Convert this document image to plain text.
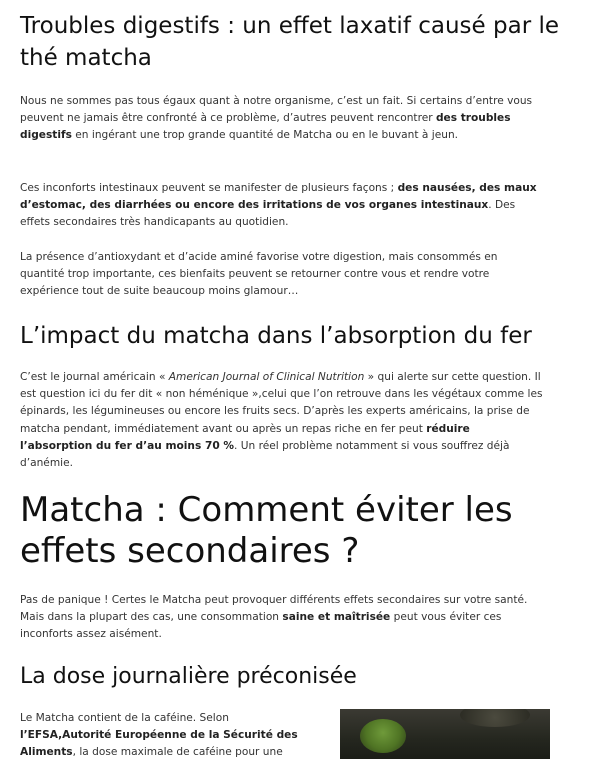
Troubles digestifs : un effet laxatif causé par le thé matcha

Nous ne sommes pas tous égaux quant à notre organisme, c’est un fait. Si certains d’entre vous peuvent ne jamais être confronté à ce problème, d’autres peuvent rencontrer des troubles digestifs en ingérant une trop grande quantité de Matcha ou en le buvant à jeun.

Ces inconforts intestinaux peuvent se manifester de plusieurs façons ; des nausées, des maux d’estomac, des diarrhées ou encore des irritations de vos organes intestinaux. Des effets secondaires très handicapants au quotidien.

La présence d’antioxydant et d’acide aminé favorise votre digestion, mais consommés en quantité trop importante, ces bienfaits peuvent se retourner contre vous et rendre votre expérience tout de suite beaucoup moins glamour…

L’impact du matcha dans l’absorption du fer

C’est le journal américain « American Journal of Clinical Nutrition » qui alerte sur cette question. Il est question ici du fer dit « non héménique »,celui que l’on retrouve dans les végétaux comme les épinards, les légumineuses ou encore les fruits secs. D’après les experts américains, la prise de matcha pendant, immédiatement avant ou après un repas riche en fer peut réduire l’absorption du fer d’au moins 70 %. Un réel problème notamment si vous souffrez déjà d’anémie.

Matcha : Comment éviter les effets secondaires ?

Pas de panique ! Certes le Matcha peut provoquer différents effets secondaires sur votre santé. Mais dans la plupart des cas, une consommation saine et maîtrisée peut vous éviter ces inconforts assez aisément.

La dose journalière préconisée

Le Matcha contient de la caféine. Selon
l’EFSA,Autorité Européenne de la Sécurité des
Aliments, la dose maximale de caféine pour une
